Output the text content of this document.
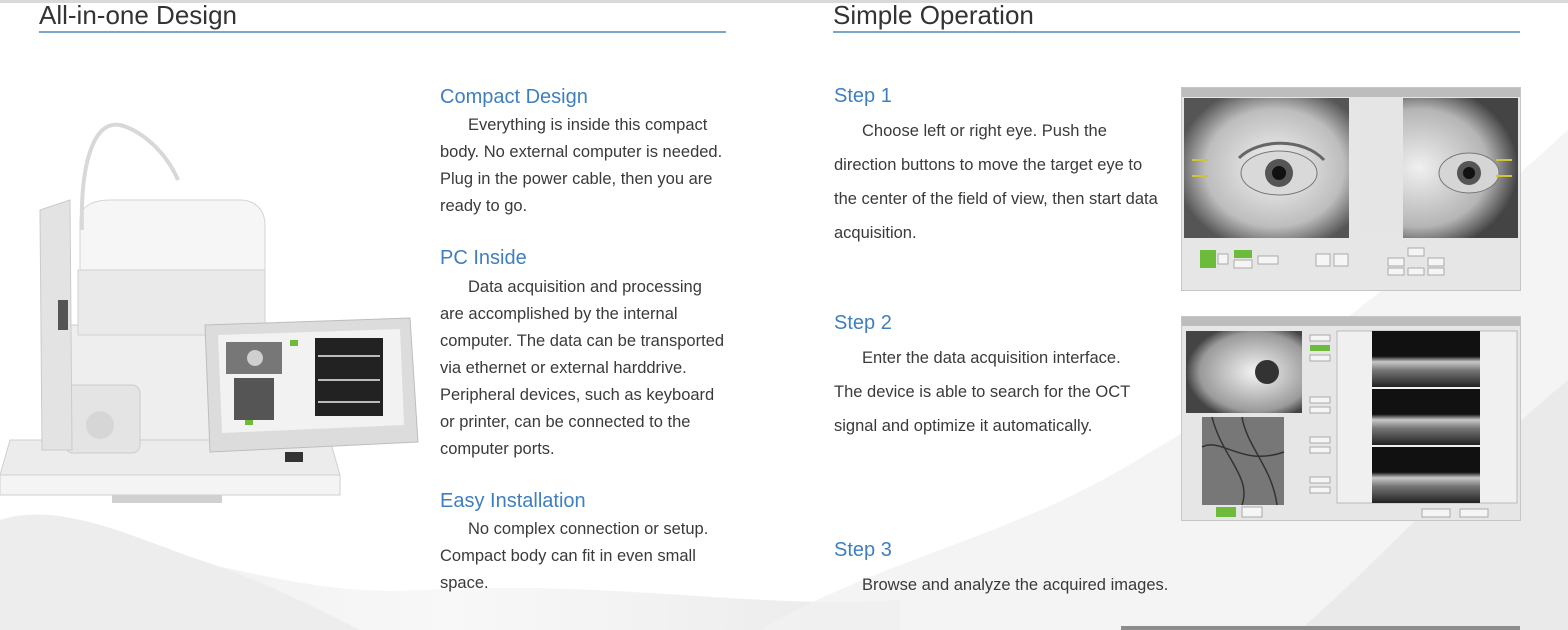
All-in-one Design
Compact Design

Everything is inside this compact body. No external computer is needed. Plug in the power cable, then you are ready to go.

PC Inside

Data acquisition and processing are accomplished by the internal computer. The data can be transported via ethernet or external harddrive. Peripheral devices, such as keyboard or printer, can be connected to the computer ports.

Easy Installation

No complex connection or setup. Compact body can fit in even small space.

Simple Operation
Step 1

Choose left or right eye. Push the direction buttons to move the target eye to the center of the field of view, then start data acquisition.

Step 2

Enter the data acquisition interface. The device is able to search for the OCT signal and optimize it automatically.

Step 3

Browse and analyze the acquired images.
